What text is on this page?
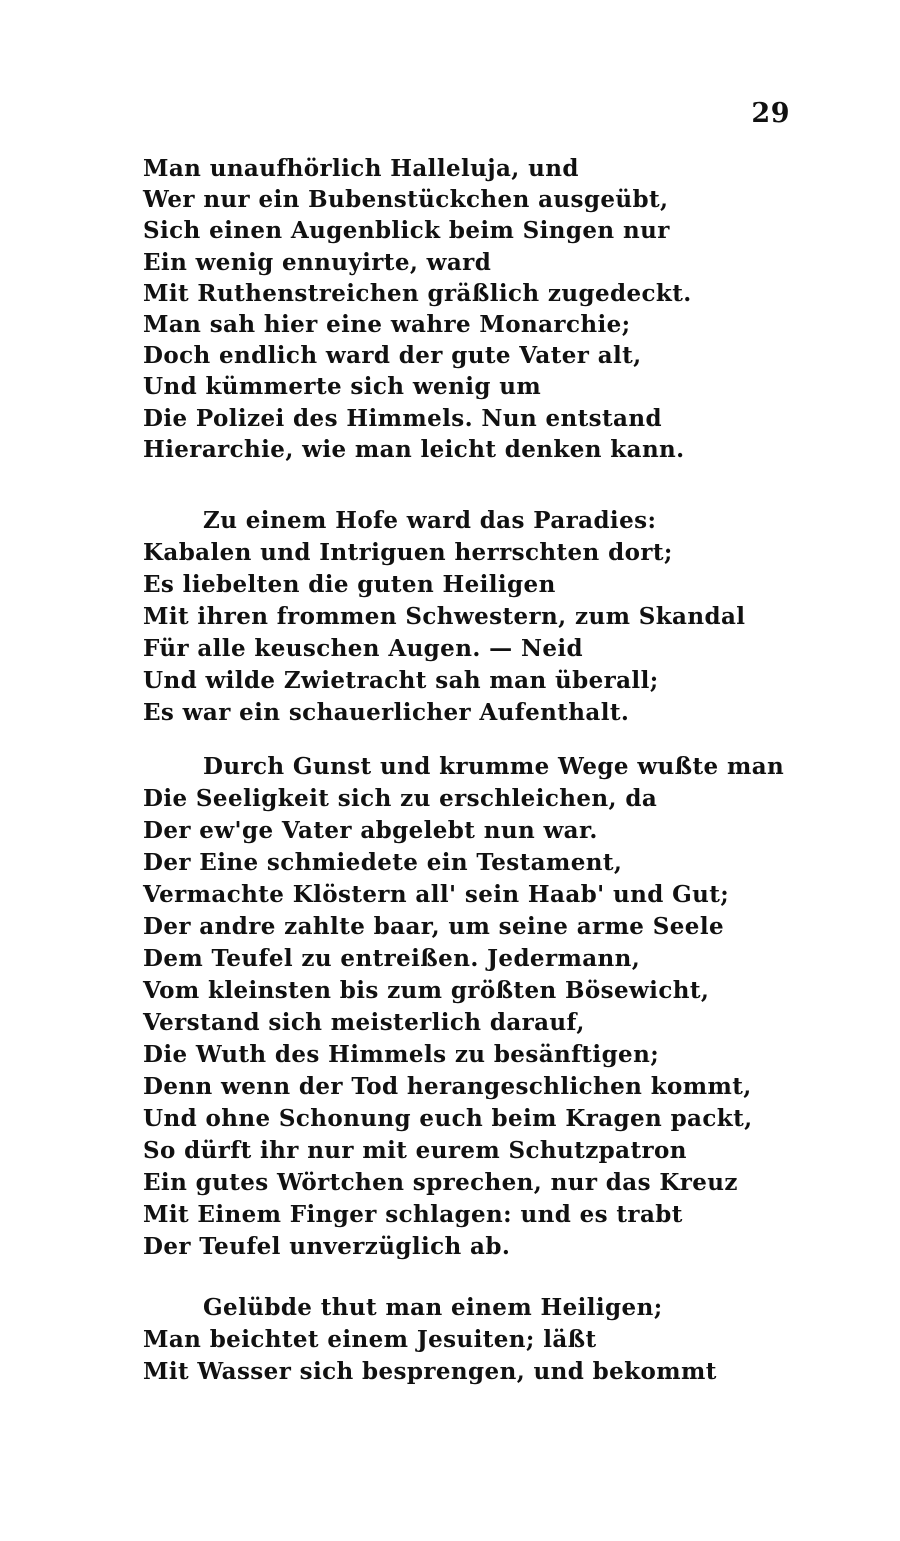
29
Man unaufhörlich Halleluja, und
Wer nur ein Bubenstückchen ausgeübt,
Sich einen Augenblick beim Singen nur
Ein wenig ennuyirte, ward
Mit Ruthenstreichen gräßlich zugedeckt.
Man sah hier eine wahre Monarchie;
Doch endlich ward der gute Vater alt,
Und kümmerte sich wenig um
Die Polizei des Himmels. Nun entstand
Hierarchie, wie man leicht denken kann.
Zu einem Hofe ward das Paradies:
Kabalen und Intriguen herrschten dort;
Es liebelten die guten Heiligen
Mit ihren frommen Schwestern, zum Skandal
Für alle keuschen Augen. — Neid
Und wilde Zwietracht sah man überall;
Es war ein schauerlicher Aufenthalt.
Durch Gunst und krumme Wege wußte man
Die Seeligkeit sich zu erschleichen, da
Der ew'ge Vater abgelebt nun war.
Der Eine schmiedete ein Testament,
Vermachte Klöstern all' sein Haab' und Gut;
Der andre zahlte baar, um seine arme Seele
Dem Teufel zu entreißen. Jedermann,
Vom kleinsten bis zum größten Bösewicht,
Verstand sich meisterlich darauf,
Die Wuth des Himmels zu besänftigen;
Denn wenn der Tod herangeschlichen kommt,
Und ohne Schonung euch beim Kragen packt,
So dürft ihr nur mit eurem Schutzpatron
Ein gutes Wörtchen sprechen, nur das Kreuz
Mit Einem Finger schlagen: und es trabt
Der Teufel unverzüglich ab.
Gelübde thut man einem Heiligen;
Man beichtet einem Jesuiten; läßt
Mit Wasser sich besprengen, und bekommt
